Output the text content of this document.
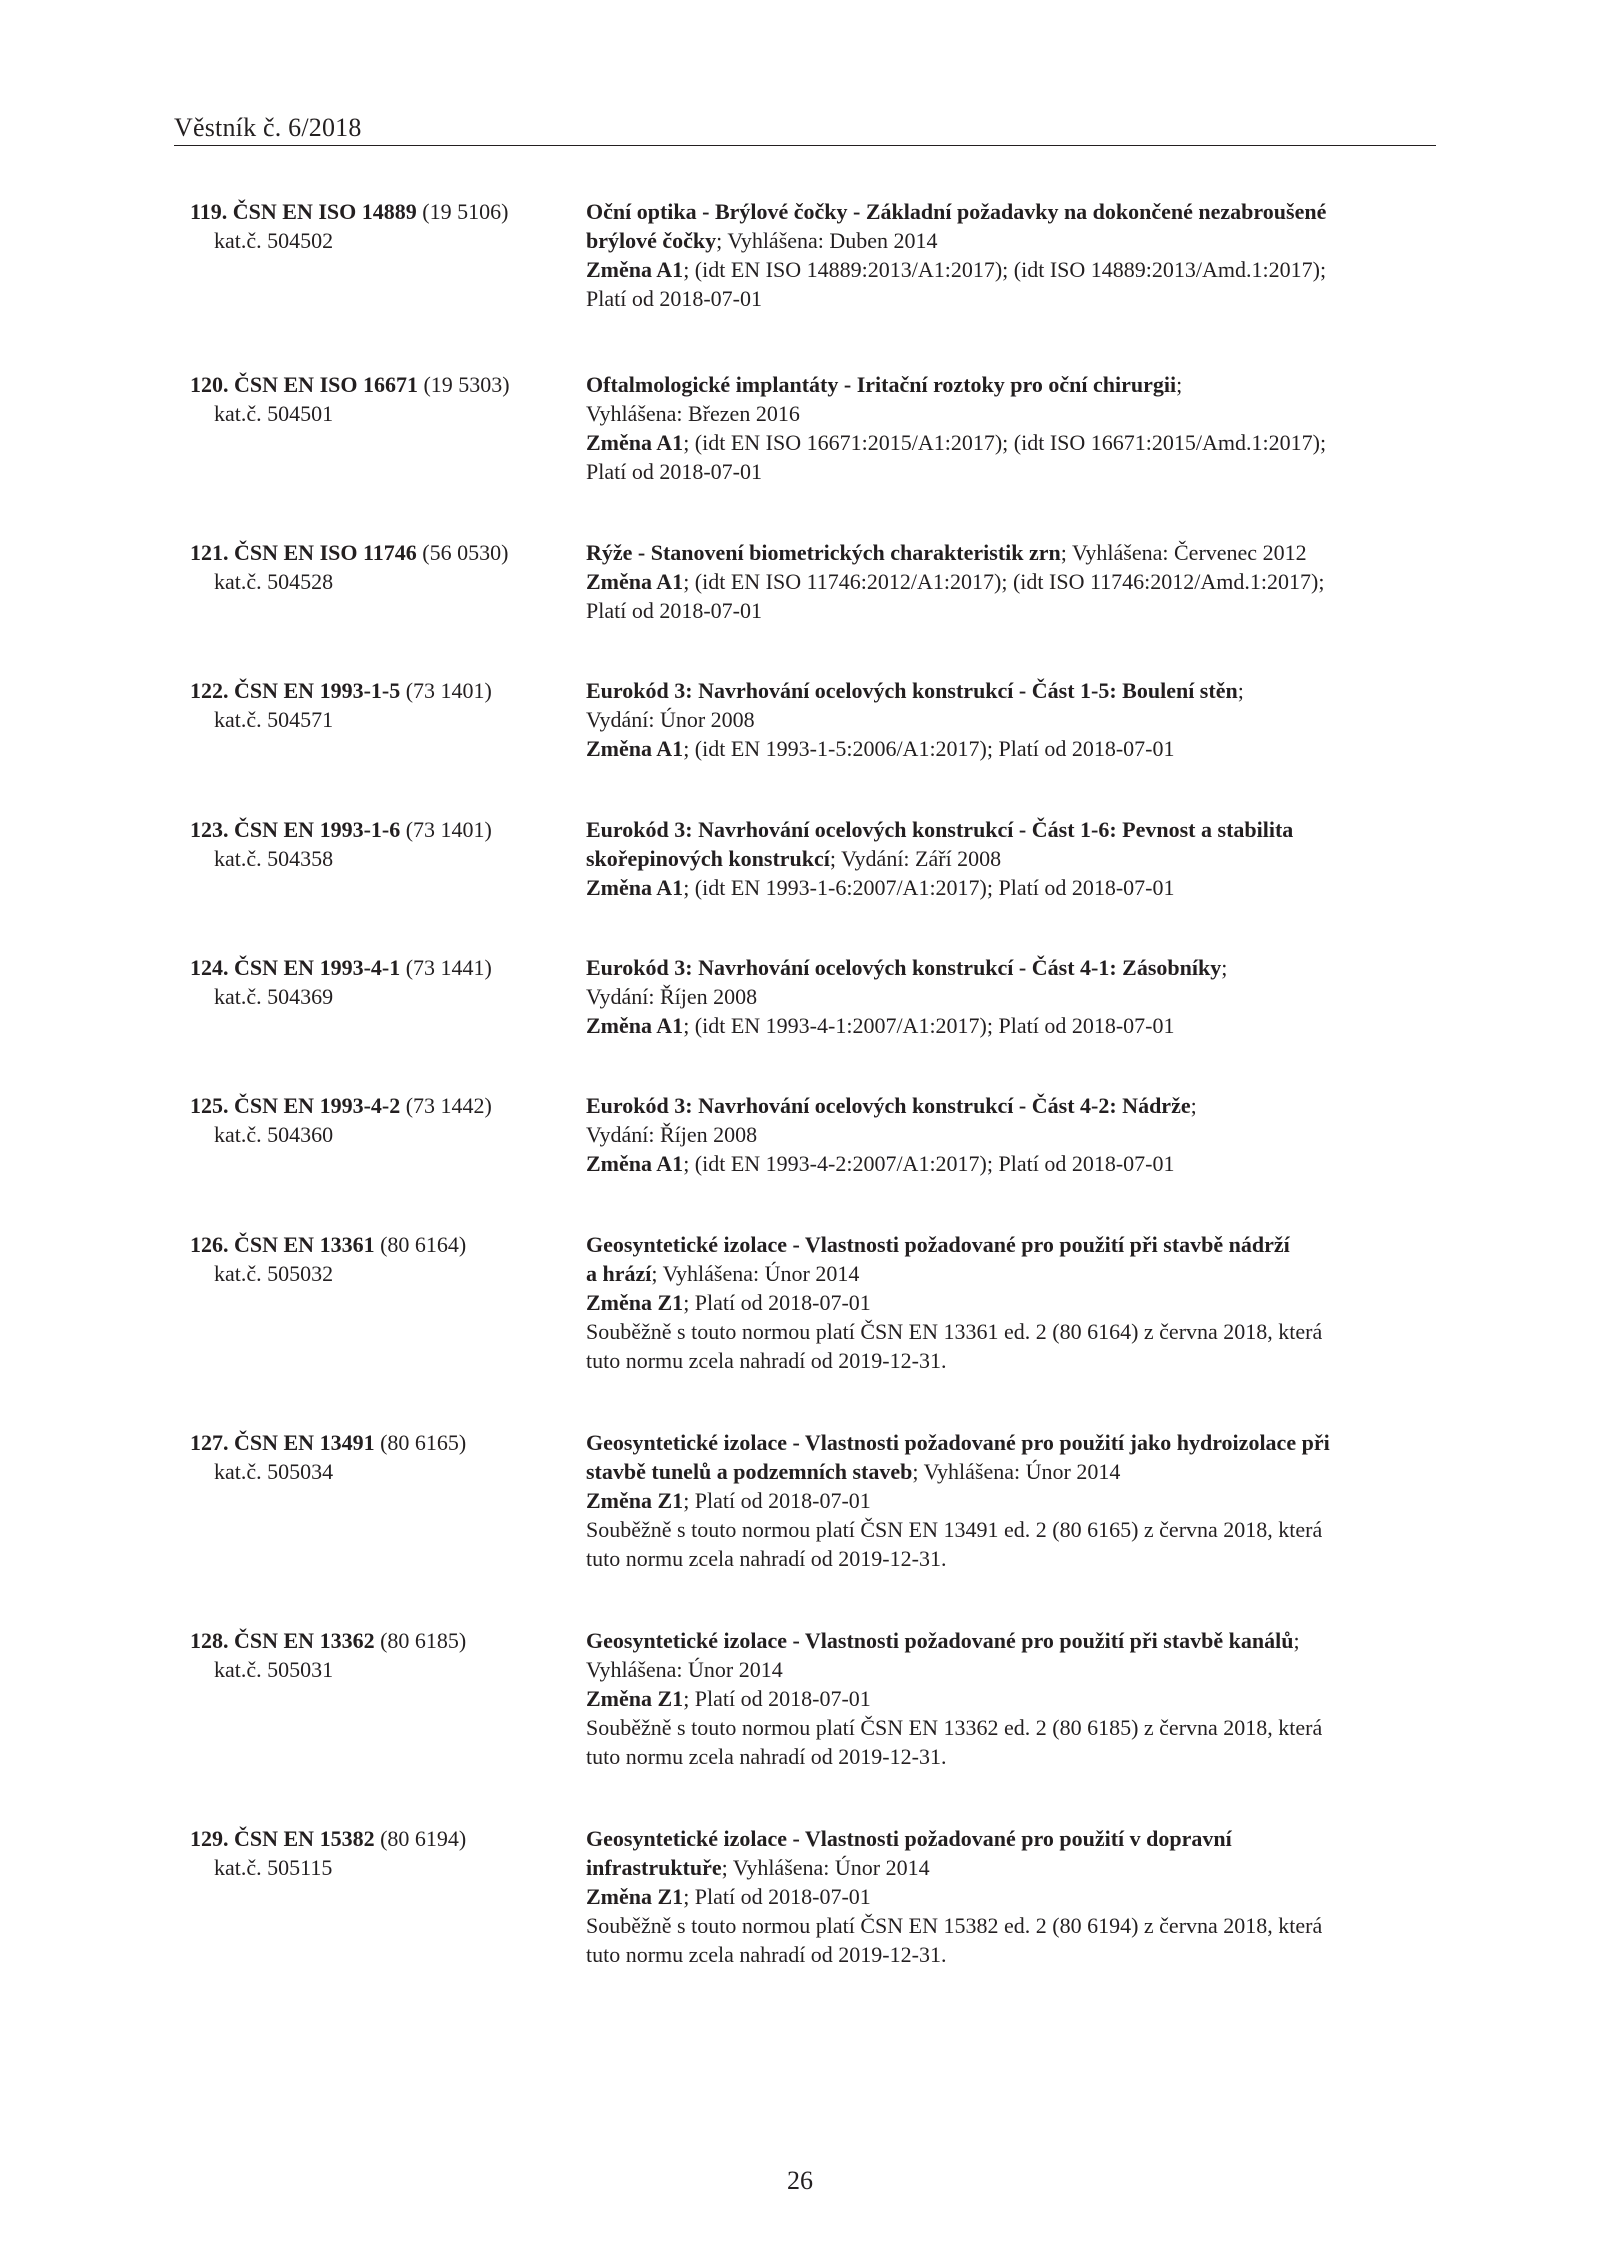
Věstník č. 6/2018
119. ČSN EN ISO 14889 (19 5106)
kat.č. 504502
Oční optika - Brýlové čočky - Základní požadavky na dokončené nezabroušené
brýlové čočky; Vyhlášena: Duben 2014
Změna A1; (idt EN ISO 14889:2013/A1:2017); (idt ISO 14889:2013/Amd.1:2017);
Platí od 2018-07-01
120. ČSN EN ISO 16671 (19 5303)
kat.č. 504501
Oftalmologické implantáty - Iritační roztoky pro oční chirurgii;
Vyhlášena: Březen 2016
Změna A1; (idt EN ISO 16671:2015/A1:2017); (idt ISO 16671:2015/Amd.1:2017);
Platí od 2018-07-01
121. ČSN EN ISO 11746 (56 0530)
kat.č. 504528
Rýže - Stanovení biometrických charakteristik zrn; Vyhlášena: Červenec 2012
Změna A1; (idt EN ISO 11746:2012/A1:2017); (idt ISO 11746:2012/Amd.1:2017);
Platí od 2018-07-01
122. ČSN EN 1993-1-5 (73 1401)
kat.č. 504571
Eurokód 3: Navrhování ocelových konstrukcí - Část 1-5: Boulení stěn;
Vydání: Únor 2008
Změna A1; (idt EN 1993-1-5:2006/A1:2017); Platí od 2018-07-01
123. ČSN EN 1993-1-6 (73 1401)
kat.č. 504358
Eurokód 3: Navrhování ocelových konstrukcí - Část 1-6: Pevnost a stabilita
skořepinových konstrukcí; Vydání: Září 2008
Změna A1; (idt EN 1993-1-6:2007/A1:2017); Platí od 2018-07-01
124. ČSN EN 1993-4-1 (73 1441)
kat.č. 504369
Eurokód 3: Navrhování ocelových konstrukcí - Část 4-1: Zásobníky;
Vydání: Říjen 2008
Změna A1; (idt EN 1993-4-1:2007/A1:2017); Platí od 2018-07-01
125. ČSN EN 1993-4-2 (73 1442)
kat.č. 504360
Eurokód 3: Navrhování ocelových konstrukcí - Část 4-2: Nádrže;
Vydání: Říjen 2008
Změna A1; (idt EN 1993-4-2:2007/A1:2017); Platí od 2018-07-01
126. ČSN EN 13361 (80 6164)
kat.č. 505032
Geosyntetické izolace - Vlastnosti požadované pro použití při stavbě nádrží
a hrází; Vyhlášena: Únor 2014
Změna Z1; Platí od 2018-07-01
Souběžně s touto normou platí ČSN EN 13361 ed. 2 (80 6164) z června 2018, která
tuto normu zcela nahradí od 2019-12-31.
127. ČSN EN 13491 (80 6165)
kat.č. 505034
Geosyntetické izolace - Vlastnosti požadované pro použití jako hydroizolace při
stavbě tunelů a podzemních staveb; Vyhlášena: Únor 2014
Změna Z1; Platí od 2018-07-01
Souběžně s touto normou platí ČSN EN 13491 ed. 2 (80 6165) z června 2018, která
tuto normu zcela nahradí od 2019-12-31.
128. ČSN EN 13362 (80 6185)
kat.č. 505031
Geosyntetické izolace - Vlastnosti požadované pro použití při stavbě kanálů;
Vyhlášena: Únor 2014
Změna Z1; Platí od 2018-07-01
Souběžně s touto normou platí ČSN EN 13362 ed. 2 (80 6185) z června 2018, která
tuto normu zcela nahradí od 2019-12-31.
129. ČSN EN 15382 (80 6194)
kat.č. 505115
Geosyntetické izolace - Vlastnosti požadované pro použití v dopravní
infrastruktuře; Vyhlášena: Únor 2014
Změna Z1; Platí od 2018-07-01
Souběžně s touto normou platí ČSN EN 15382 ed. 2 (80 6194) z června 2018, která
tuto normu zcela nahradí od 2019-12-31.
26
